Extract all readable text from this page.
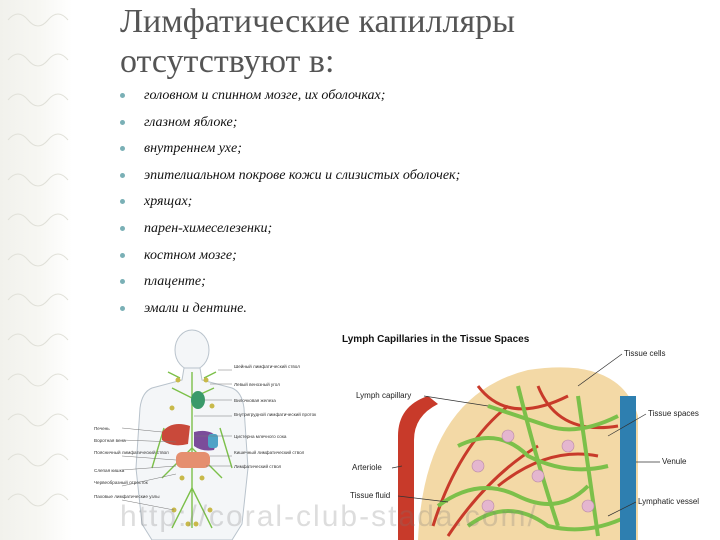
Лимфатические капилляры
отсутствуют в:
головном и спинном мозге, их оболочках;
глазном яблоке;
внутреннем ухе;
эпителиальном покрове кожи и слизистых оболочек;
хрящах;
парен-химеселезенки;
костном мозге;
плаценте;
эмали и дентине.
Шейный лимфатический ствол
Левый венозный угол
Вилочковая железа
Внутригрудной лимфатический проток
Цистерна млечного сока
Кишечный лимфатический ствол
Лимфатический ствол
Печень
Воротная вена
Поясничный лимфатический ствол
Слепая кишка
Червеобразный отросток
Паховые лимфатические узлы
Lymph Capillaries in the Tissue Spaces
Tissue cells
Lymph capillary
Tissue spaces
Arteriole
Venule
Tissue fluid
Lymphatic vessel
http://coral-club-stada.com/
